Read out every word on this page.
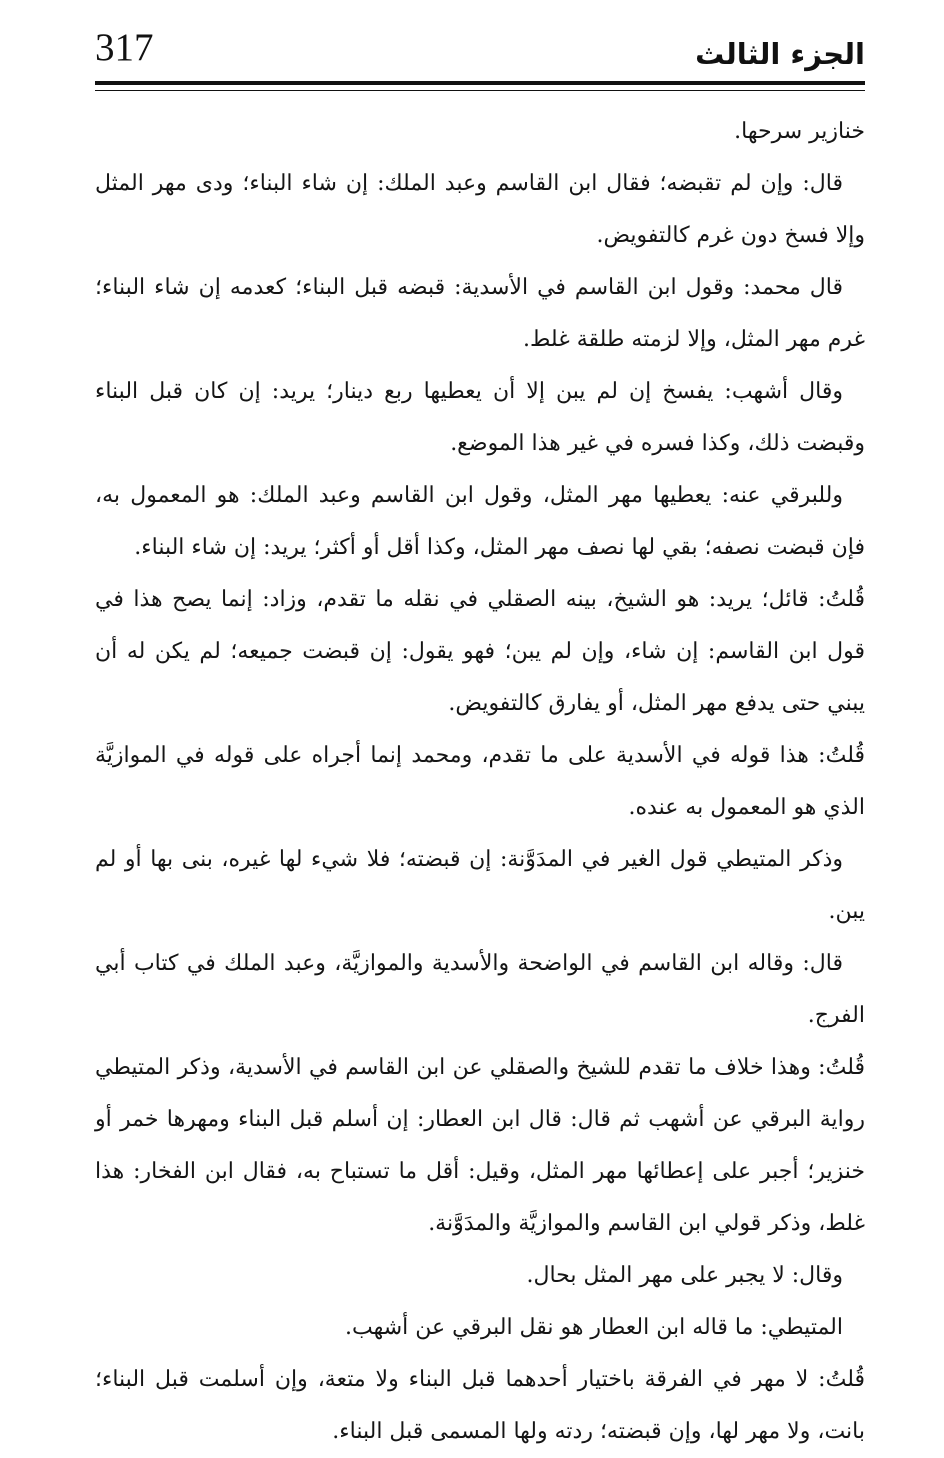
317	الجزء الثالث

خنازير سرحها.

قال: وإن لم تقبضه؛ فقال ابن القاسم وعبد الملك: إن شاء البناء؛ ودى مهر المثل وإلا فسخ دون غرم كالتفويض.

قال محمد: وقول ابن القاسم في الأسدية: قبضه قبل البناء؛ كعدمه إن شاء البناء؛ غرم مهر المثل، وإلا لزمته طلقة غلط.

وقال أشهب: يفسخ إن لم يبن إلا أن يعطيها ربع دينار؛ يريد: إن كان قبل البناء وقبضت ذلك، وكذا فسره في غير هذا الموضع.

وللبرقي عنه: يعطيها مهر المثل، وقول ابن القاسم وعبد الملك: هو المعمول به، فإن قبضت نصفه؛ بقي لها نصف مهر المثل، وكذا أقل أو أكثر؛ يريد: إن شاء البناء.

قُلتُ: قائل؛ يريد: هو الشيخ، بينه الصقلي في نقله ما تقدم، وزاد: إنما يصح هذا في قول ابن القاسم: إن شاء، وإن لم يبن؛ فهو يقول: إن قبضت جميعه؛ لم يكن له أن يبني حتى يدفع مهر المثل، أو يفارق كالتفويض.

قُلتُ: هذا قوله في الأسدية على ما تقدم، ومحمد إنما أجراه على قوله في الموازيَّة الذي هو المعمول به عنده.

وذكر المتيطي قول الغير في المدَوَّنة: إن قبضته؛ فلا شيء لها غيره، بنى بها أو لم يبن.

قال: وقاله ابن القاسم في الواضحة والأسدية والموازيَّة، وعبد الملك في كتاب أبي الفرج.

قُلتُ: وهذا خلاف ما تقدم للشيخ والصقلي عن ابن القاسم في الأسدية، وذكر المتيطي رواية البرقي عن أشهب ثم قال: قال ابن العطار: إن أسلم قبل البناء ومهرها خمر أو خنزير؛ أجبر على إعطائها مهر المثل، وقيل: أقل ما تستباح به، فقال ابن الفخار: هذا غلط، وذكر قولي ابن القاسم والموازيَّة والمدَوَّنة.

وقال: لا يجبر على مهر المثل بحال.

المتيطي: ما قاله ابن العطار هو نقل البرقي عن أشهب.

قُلتُ: لا مهر في الفرقة باختيار أحدهما قبل البناء ولا متعة، وإن أسلمت قبل البناء؛ بانت، ولا مهر لها، وإن قبضته؛ ردته ولها المسمى قبل البناء.
